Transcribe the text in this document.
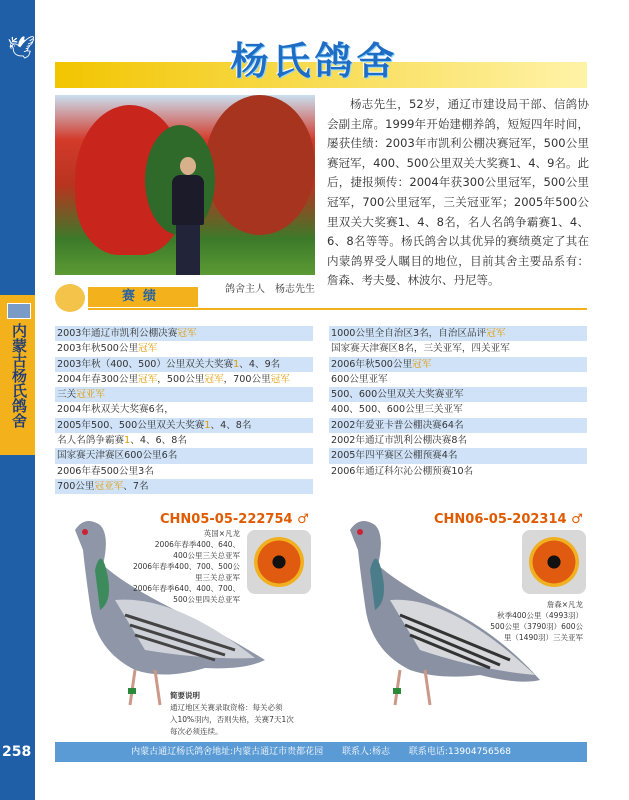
🕊
内蒙古杨氏鸽舍
258
杨氏鸽舍
鸽舍主人　杨志先生
杨志先生，52岁，通辽市建设局干部、信鸽协会副主席。1999年开始建棚养鸽，短短四年时间，屡获佳绩：2003年市凯利公棚决赛冠军，500公里赛冠军，400、500公里双关大奖赛1、4、9名。此后，捷报频传：2004年获300公里冠军，500公里冠军，700公里冠军，三关冠亚军；2005年500公里双关大奖赛1、4、8名，名人名鸽争霸赛1、4、6、8名等等。杨氏鸽舍以其优异的赛绩奠定了其在内蒙鸽界受人瞩目的地位，目前其舍主要品系有：詹森、考夫曼、林波尔、丹尼等。
赛绩
2003年通辽市凯利公棚决赛冠军
2003年秋500公里冠军
2003年秋（400、500）公里双关大奖赛1、4、9名
2004年春300公里冠军，500公里冠军，700公里冠军
三关冠亚军
2004年秋双关大奖赛6名，
2005年500、500公里双关大奖赛1、4、8名
名人名鸽争霸赛1、4、6、8名
国家赛天津赛区600公里6名
2006年春500公里3名
700公里冠亚军、7名
1000公里全自治区3名，自治区品评冠军
国家赛天津赛区8名，三关亚军，四关亚军
2006年秋500公里冠军
600公里亚军
500、600公里双关大奖赛亚军
400、500、600公里三关亚军
2002年爱亚卡普公棚决赛64名
2002年通辽市凯利公棚决赛8名
2005年四平赛区公棚预赛4名
2006年通辽科尔沁公棚预赛10名
CHN05-05-222754 ♂	CHN06-05-202314 ♂
英国×凡龙
2006年春季400、640、
400公里三关总亚军
2006年春季400、700、500公
里三关总亚军
2006年春季640、400、700、
500公里四关总亚军
詹森×凡龙
秋季400公里（4993羽）
500公里（3790羽）600公
里（1490羽）三关亚军
简要说明
通辽地区关赛录取资格：每关必须
入10%羽内，否则失格，关赛7天1次
每次必须连续。
内蒙古通辽杨氏鸽舍地址:内蒙古通辽市贵都花园 联系人:杨志 联系电话:13904756568
